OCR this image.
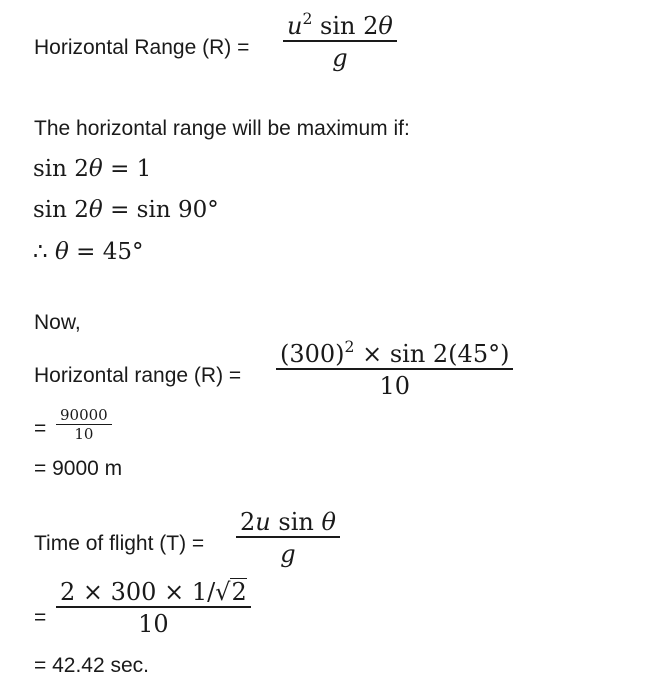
Horizontal Range (R) =
$u^2$ sin 2θ
g
The horizontal range will be maximum if:
sin 2θ = 1
sin 2θ = sin 90°
∴ θ = 45°
Now,
Horizontal range (R) =
$(300)^2 \times \sin 2(45^\circ)$
10
=
90000
10
= 9000 m
Time of flight (T) =
2u sin θ
g
=
2 × 300 × 1/√2
10
= 42.42 sec.
